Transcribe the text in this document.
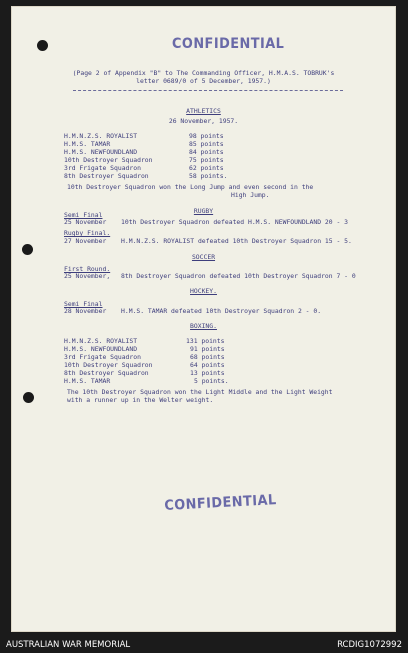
CONFIDENTIAL
(Page 2 of Appendix "B" to The Commanding Officer, H.M.A.S. TOBRUK's
letter 0689/0 of 5 December, 1957.)
ATHLETICS
26 November, 1957.
H.M.N.Z.S. ROYALIST	98 points
H.M.S. TAMAR	85 points
H.M.S. NEWFOUNDLAND	84 points
10th Destroyer Squadron	75 points
3rd Frigate Squadron	62 points
8th Destroyer Squadron	58 points.
10th Destroyer Squadron won the Long Jump and even second in the
High Jump.
RUGBY
Semi Final
25 November 10th Destroyer Squadron defeated H.M.S. NEWFOUNDLAND 20 - 3
Rugby Final.
27 November H.M.N.Z.S. ROYALIST defeated 10th Destroyer Squadron 15 - 5.
SOCCER
First Round.
25 November, 8th Destroyer Squadron defeated 10th Destroyer Squadron 7 - 0
HOCKEY.
Semi Final
28 November H.M.S. TAMAR defeated 10th Destroyer Squadron 2 - 0.
BOXING.
H.M.N.Z.S. ROYALIST	131 points
H.M.S. NEWFOUNDLAND	91 points
3rd Frigate Squadron	68 points
10th Destroyer Squadron	64 points
8th Destroyer Squadron	13 points
H.M.S. TAMAR	5 points.
The 10th Destroyer Squadron won the Light Middle and the Light Weight
with a runner up in the Welter weight.
CONFIDENTIAL
AUSTRALIAN WAR MEMORIAL	RCDIG1072992
